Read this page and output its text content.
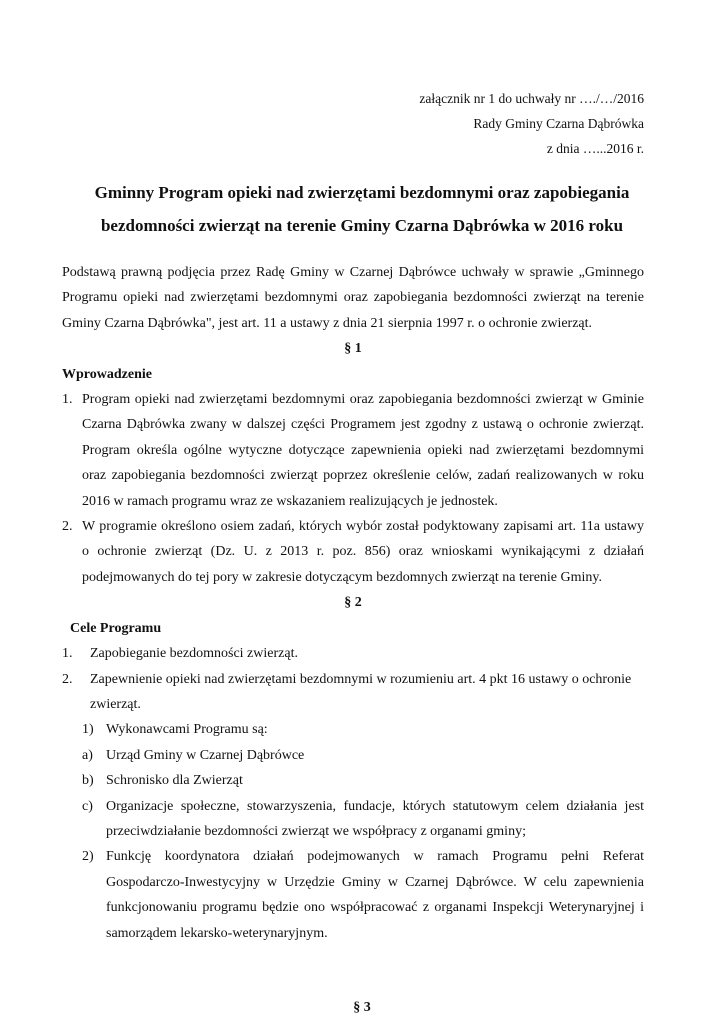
załącznik nr 1 do uchwały nr …./…/2016
Rady Gminy Czarna Dąbrówka
z dnia …...2016 r.
Gminny Program opieki nad zwierzętami bezdomnymi oraz zapobiegania
bezdomności zwierząt na terenie Gminy Czarna Dąbrówka w 2016 roku

Podstawą prawną podjęcia przez Radę Gminy w Czarnej Dąbrówce uchwały w sprawie „Gminnego Programu opieki nad zwierzętami bezdomnymi oraz zapobiegania bezdomności zwierząt na terenie Gminy Czarna Dąbrówka", jest art. 11 a ustawy z dnia 21 sierpnia 1997 r. o ochronie zwierząt.

§ 1
Wprowadzenie
1. Program opieki nad zwierzętami bezdomnymi oraz zapobiegania bezdomności zwierząt w Gminie Czarna Dąbrówka zwany w dalszej części Programem jest zgodny z ustawą o ochronie zwierząt. Program określa ogólne wytyczne dotyczące zapewnienia opieki nad zwierzętami bezdomnymi oraz zapobiegania bezdomności zwierząt poprzez określenie celów, zadań realizowanych w roku 2016 w ramach programu wraz ze wskazaniem realizujących je jednostek.
2. W programie określono osiem zadań, których wybór został podyktowany zapisami art. 11a ustawy o ochronie zwierząt (Dz. U. z 2013 r. poz. 856) oraz wnioskami wynikającymi z działań podejmowanych do tej pory w zakresie dotyczącym bezdomnych zwierząt na terenie Gminy.
§ 2
Cele Programu
1.	Zapobieganie bezdomności zwierząt.
2.	Zapewnienie opieki nad zwierzętami bezdomnymi w rozumieniu art. 4 pkt 16 ustawy o ochronie zwierząt.
1) Wykonawcami Programu są:
a) Urząd Gminy w Czarnej Dąbrówce
b) Schronisko dla Zwierząt
c) Organizacje społeczne, stowarzyszenia, fundacje, których statutowym celem działania jest przeciwdziałanie bezdomności zwierząt we współpracy z organami gminy;
2) Funkcję koordynatora działań podejmowanych w ramach Programu pełni Referat Gospodarczo-Inwestycyjny w Urzędzie Gminy w Czarnej Dąbrówce. W celu zapewnienia funkcjonowaniu programu będzie ono współpracować z organami Inspekcji Weterynaryjnej i samorządem lekarsko-weterynaryjnym.
§ 3
